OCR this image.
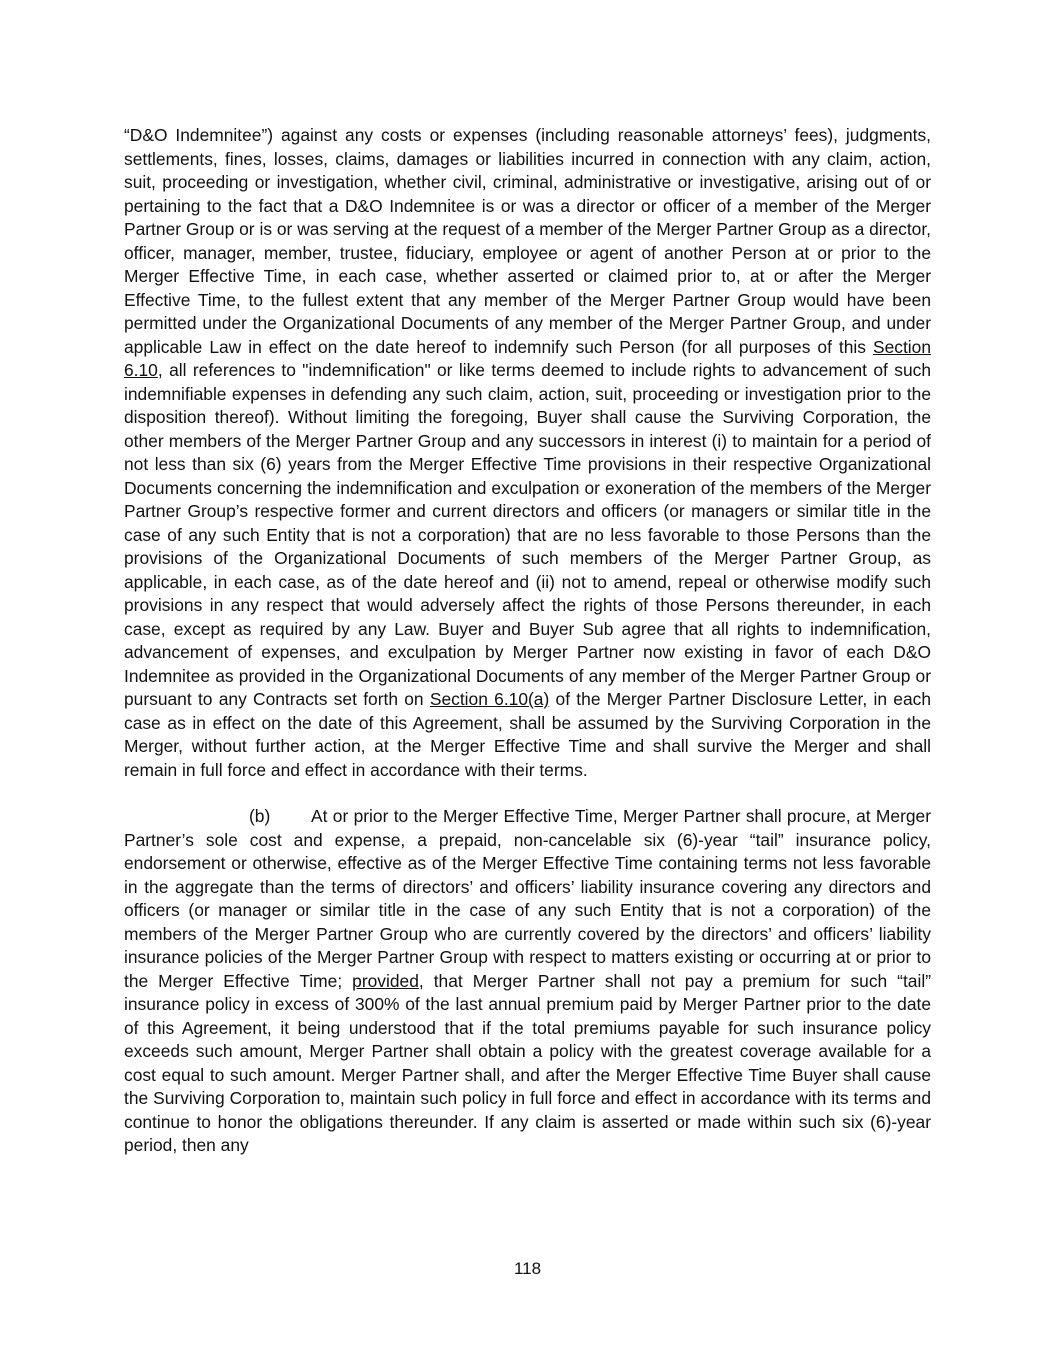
“D&O Indemnitee”) against any costs or expenses (including reasonable attorneys’ fees), judgments, settlements, fines, losses, claims, damages or liabilities incurred in connection with any claim, action, suit, proceeding or investigation, whether civil, criminal, administrative or investigative, arising out of or pertaining to the fact that a D&O Indemnitee is or was a director or officer of a member of the Merger Partner Group or is or was serving at the request of a member of the Merger Partner Group as a director, officer, manager, member, trustee, fiduciary, employee or agent of another Person at or prior to the Merger Effective Time, in each case, whether asserted or claimed prior to, at or after the Merger Effective Time, to the fullest extent that any member of the Merger Partner Group would have been permitted under the Organizational Documents of any member of the Merger Partner Group, and under applicable Law in effect on the date hereof to indemnify such Person (for all purposes of this Section 6.10, all references to "indemnification" or like terms deemed to include rights to advancement of such indemnifiable expenses in defending any such claim, action, suit, proceeding or investigation prior to the disposition thereof). Without limiting the foregoing, Buyer shall cause the Surviving Corporation, the other members of the Merger Partner Group and any successors in interest (i) to maintain for a period of not less than six (6) years from the Merger Effective Time provisions in their respective Organizational Documents concerning the indemnification and exculpation or exoneration of the members of the Merger Partner Group’s respective former and current directors and officers (or managers or similar title in the case of any such Entity that is not a corporation) that are no less favorable to those Persons than the provisions of the Organizational Documents of such members of the Merger Partner Group, as applicable, in each case, as of the date hereof and (ii) not to amend, repeal or otherwise modify such provisions in any respect that would adversely affect the rights of those Persons thereunder, in each case, except as required by any Law. Buyer and Buyer Sub agree that all rights to indemnification, advancement of expenses, and exculpation by Merger Partner now existing in favor of each D&O Indemnitee as provided in the Organizational Documents of any member of the Merger Partner Group or pursuant to any Contracts set forth on Section 6.10(a) of the Merger Partner Disclosure Letter, in each case as in effect on the date of this Agreement, shall be assumed by the Surviving Corporation in the Merger, without further action, at the Merger Effective Time and shall survive the Merger and shall remain in full force and effect in accordance with their terms.

(b) At or prior to the Merger Effective Time, Merger Partner shall procure, at Merger Partner’s sole cost and expense, a prepaid, non-cancelable six (6)-year “tail” insurance policy, endorsement or otherwise, effective as of the Merger Effective Time containing terms not less favorable in the aggregate than the terms of directors’ and officers’ liability insurance covering any directors and officers (or manager or similar title in the case of any such Entity that is not a corporation) of the members of the Merger Partner Group who are currently covered by the directors’ and officers’ liability insurance policies of the Merger Partner Group with respect to matters existing or occurring at or prior to the Merger Effective Time; provided, that Merger Partner shall not pay a premium for such “tail” insurance policy in excess of 300% of the last annual premium paid by Merger Partner prior to the date of this Agreement, it being understood that if the total premiums payable for such insurance policy exceeds such amount, Merger Partner shall obtain a policy with the greatest coverage available for a cost equal to such amount. Merger Partner shall, and after the Merger Effective Time Buyer shall cause the Surviving Corporation to, maintain such policy in full force and effect in accordance with its terms and continue to honor the obligations thereunder. If any claim is asserted or made within such six (6)-year period, then any

118
